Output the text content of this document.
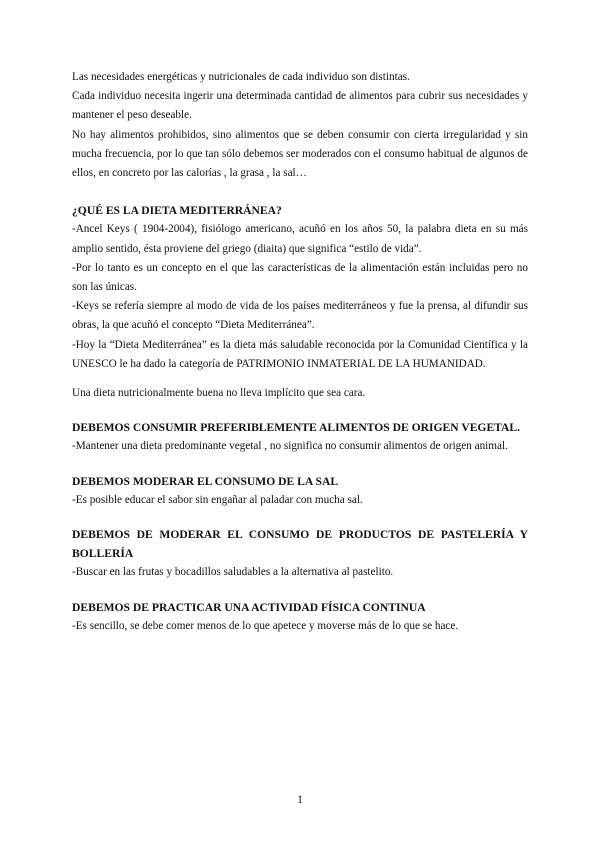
Las necesidades energéticas y nutricionales de cada individuo son distintas.

Cada individuo necesita ingerir una determinada cantidad de alimentos para cubrir sus necesidades y mantener el peso deseable.

No hay alimentos prohibidos, sino alimentos que se deben consumir con cierta irregularidad y sin mucha frecuencia, por lo que tan sólo debemos ser moderados con el consumo habitual de algunos de ellos, en concreto por las calorías , la grasa , la sal…

¿QUÉ ES LA DIETA MEDITERRÁNEA?

-Ancel Keys ( 1904-2004), fisiólogo americano, acuñó en los años 50, la palabra dieta en su más amplio sentido, ésta proviene del griego (diaita) que significa “estilo de vida”.

-Por lo tanto es un concepto en el que las características de la alimentación están incluidas pero no son las únicas.

-Keys se refería siempre al modo de vida de los países mediterráneos y fue la prensa, al difundir sus obras, la que acuñó el concepto “Dieta Mediterránea”.

-Hoy la “Dieta Mediterránea” es la dieta más saludable reconocida por la Comunidad Científica y la UNESCO le ha dado la categoría de PATRIMONIO INMATERIAL DE LA HUMANIDAD.

Una dieta nutricionalmente buena no lleva implícito que sea cara.

DEBEMOS CONSUMIR PREFERIBLEMENTE ALIMENTOS DE ORIGEN VEGETAL.

-Mantener una dieta predominante vegetal , no significa no consumir alimentos de origen animal.

DEBEMOS MODERAR EL CONSUMO DE LA SAL

-Es posible educar el sabor sin engañar al paladar con mucha sal.

DEBEMOS DE MODERAR EL CONSUMO DE PRODUCTOS DE PASTELERÍA Y BOLLERÍA

-Buscar en las frutas y bocadillos saludables a la alternativa al pastelito.

DEBEMOS DE PRACTICAR UNA ACTIVIDAD FÍSICA CONTINUA

-Es sencillo, se debe comer menos de lo que apetece y moverse más de lo que se hace.

1
